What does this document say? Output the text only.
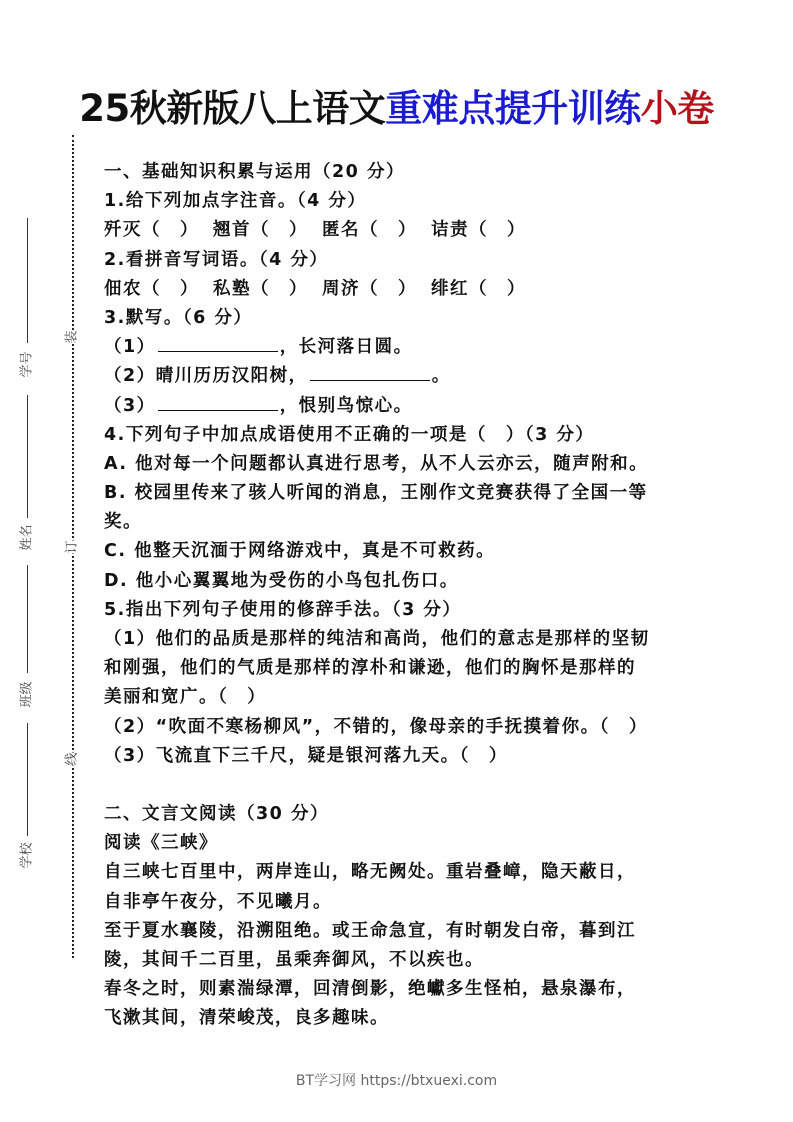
25秋新版八上语文重难点提升训练小卷
装
订
线
学号
姓名
班级
学校
一、基础知识积累与运用（20 分）
1.给下列加点字注音。（4 分）
歼灭（　） 翘首（　） 匿名（　） 诘责（　）
2.看拼音写词语。（4 分）
佃农（　） 私塾（　） 周济（　） 绯红（　）
3.默写。（6 分）
（1）	，长河落日圆。
（2）晴川历历汉阳树，	。
（3）	，恨别鸟惊心。
4.下列句子中加点成语使用不正确的一项是（　）（3 分）
A. 他对每一个问题都认真进行思考，从不人云亦云，随声附和。
B. 校园里传来了骇人听闻的消息，王刚作文竞赛获得了全国一等
奖。
C. 他整天沉湎于网络游戏中，真是不可救药。
D. 他小心翼翼地为受伤的小鸟包扎伤口。
5.指出下列句子使用的修辞手法。（3 分）
（1）他们的品质是那样的纯洁和高尚，他们的意志是那样的坚韧
和刚强，他们的气质是那样的淳朴和谦逊，他们的胸怀是那样的
美丽和宽广。（　）
（2）“吹面不寒杨柳风”，不错的，像母亲的手抚摸着你。（　）
（3）飞流直下三千尺，疑是银河落九天。（　）
二、文言文阅读（30 分）
阅读《三峡》
自三峡七百里中，两岸连山，略无阙处。重岩叠嶂，隐天蔽日，
自非亭午夜分，不见曦月。
至于夏水襄陵，沿溯阻绝。或王命急宣，有时朝发白帝，暮到江
陵，其间千二百里，虽乘奔御风，不以疾也。
春冬之时，则素湍绿潭，回清倒影，绝巘多生怪柏，悬泉瀑布，
飞漱其间，清荣峻茂，良多趣味。
BT学习网 https://btxuexi.com
